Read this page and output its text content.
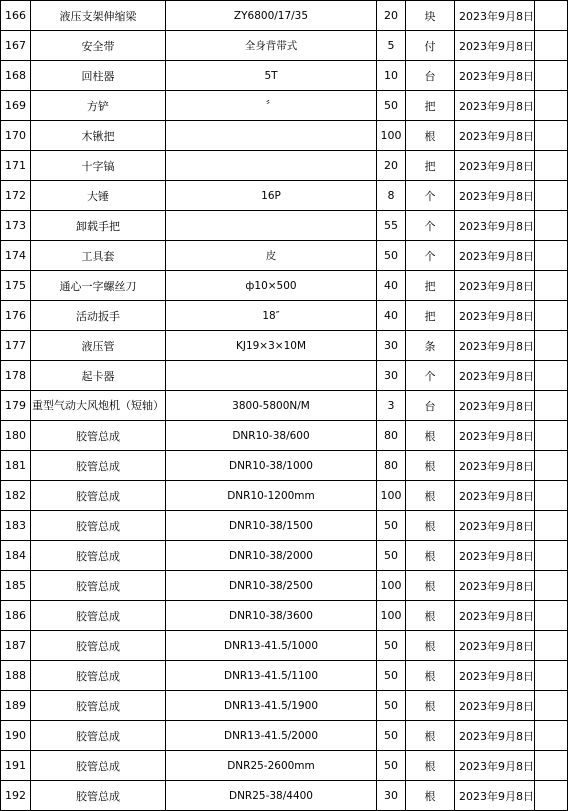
166	液压支架伸缩梁	ZY6800/17/35	20	块	2023年9月8日	
167	安全带	全身背带式	5	付	2023年9月8日	
168	回柱器	5T	10	台	2023年9月8日	
169	方铲	〞	50	把	2023年9月8日	
170	木锹把		100	根	2023年9月8日	
171	十字镐		20	把	2023年9月8日	
172	大锤	16P	8	个	2023年9月8日	
173	卸载手把		55	个	2023年9月8日	
174	工具套	皮	50	个	2023年9月8日	
175	通心一字螺丝刀	ф10×500	40	把	2023年9月8日	
176	活动扳手	18″	40	把	2023年9月8日	
177	液压管	KJ19×3×10M	30	条	2023年9月8日	
178	起卡器		30	个	2023年9月8日	
179	重型气动大风炮机（短轴）	3800-5800N/M	3	台	2023年9月8日	
180	胶管总成	DNR10-38/600	80	根	2023年9月8日	
181	胶管总成	DNR10-38/1000	80	根	2023年9月8日	
182	胶管总成	DNR10-1200mm	100	根	2023年9月8日	
183	胶管总成	DNR10-38/1500	50	根	2023年9月8日	
184	胶管总成	DNR10-38/2000	50	根	2023年9月8日	
185	胶管总成	DNR10-38/2500	100	根	2023年9月8日	
186	胶管总成	DNR10-38/3600	100	根	2023年9月8日	
187	胶管总成	DNR13-41.5/1000	50	根	2023年9月8日	
188	胶管总成	DNR13-41.5/1100	50	根	2023年9月8日	
189	胶管总成	DNR13-41.5/1900	50	根	2023年9月8日	
190	胶管总成	DNR13-41.5/2000	50	根	2023年9月8日	
191	胶管总成	DNR25-2600mm	50	根	2023年9月8日	
192	胶管总成	DNR25-38/4400	30	根	2023年9月8日	
